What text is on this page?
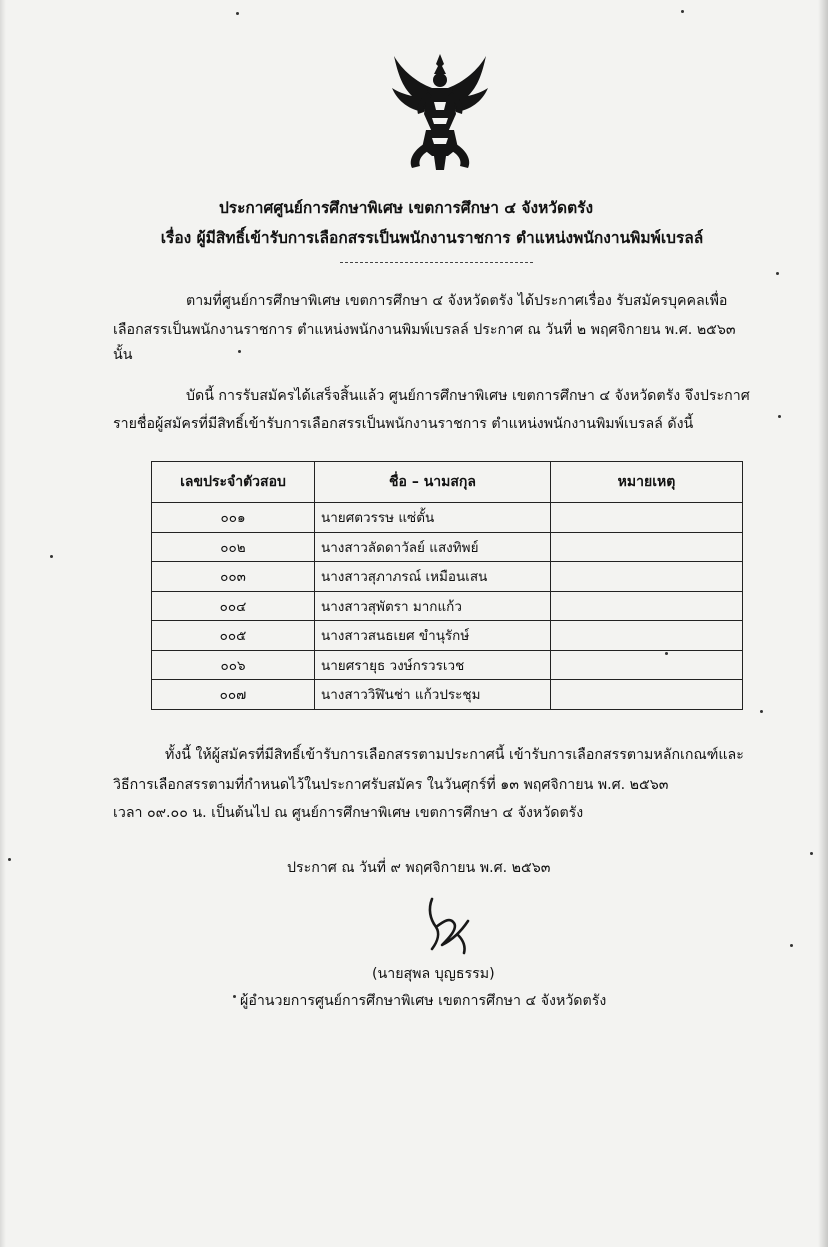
ประกาศศูนย์การศึกษาพิเศษ เขตการศึกษา ๔ จังหวัดตรัง
เรื่อง ผู้มีสิทธิ์เข้ารับการเลือกสรรเป็นพนักงานราชการ ตำแหน่งพนักงานพิมพ์เบรลล์
ตามที่ศูนย์การศึกษาพิเศษ เขตการศึกษา ๔ จังหวัดตรัง ได้ประกาศเรื่อง รับสมัครบุคคลเพื่อ
เลือกสรรเป็นพนักงานราชการ ตำแหน่งพนักงานพิมพ์เบรลล์ ประกาศ ณ วันที่ ๒ พฤศจิกายน พ.ศ. ๒๕๖๓
นั้น
บัดนี้ การรับสมัครได้เสร็จสิ้นแล้ว ศูนย์การศึกษาพิเศษ เขตการศึกษา ๔ จังหวัดตรัง จึงประกาศ
รายชื่อผู้สมัครที่มีสิทธิ์เข้ารับการเลือกสรรเป็นพนักงานราชการ ตำแหน่งพนักงานพิมพ์เบรลล์ ดังนี้
เลขประจำตัวสอบ	ชื่อ – นามสกุล	หมายเหตุ
๐๐๑	นายศตวรรษ แซ่ตั้น	
๐๐๒	นางสาวลัดดาวัลย์ แสงทิพย์	
๐๐๓	นางสาวสุภาภรณ์ เหมือนเสน	
๐๐๔	นางสาวสุพัตรา มากแก้ว	
๐๐๕	นางสาวสนธเยศ ขำนุรักษ์	
๐๐๖	นายศรายุธ วงษ์กรวรเวช	
๐๐๗	นางสาววิฬินช่า แก้วประชุม	
ทั้งนี้ ให้ผู้สมัครที่มีสิทธิ์เข้ารับการเลือกสรรตามประกาศนี้ เข้ารับการเลือกสรรตามหลักเกณฑ์และ
วิธีการเลือกสรรตามที่กำหนดไว้ในประกาศรับสมัคร ในวันศุกร์ที่ ๑๓ พฤศจิกายน พ.ศ. ๒๕๖๓
เวลา ๐๙.๐๐ น. เป็นต้นไป ณ ศูนย์การศึกษาพิเศษ เขตการศึกษา ๔ จังหวัดตรัง
ประกาศ ณ วันที่ ๙ พฤศจิกายน พ.ศ. ๒๕๖๓
(นายสุพล บุญธรรม)
ผู้อำนวยการศูนย์การศึกษาพิเศษ เขตการศึกษา ๔ จังหวัดตรัง
